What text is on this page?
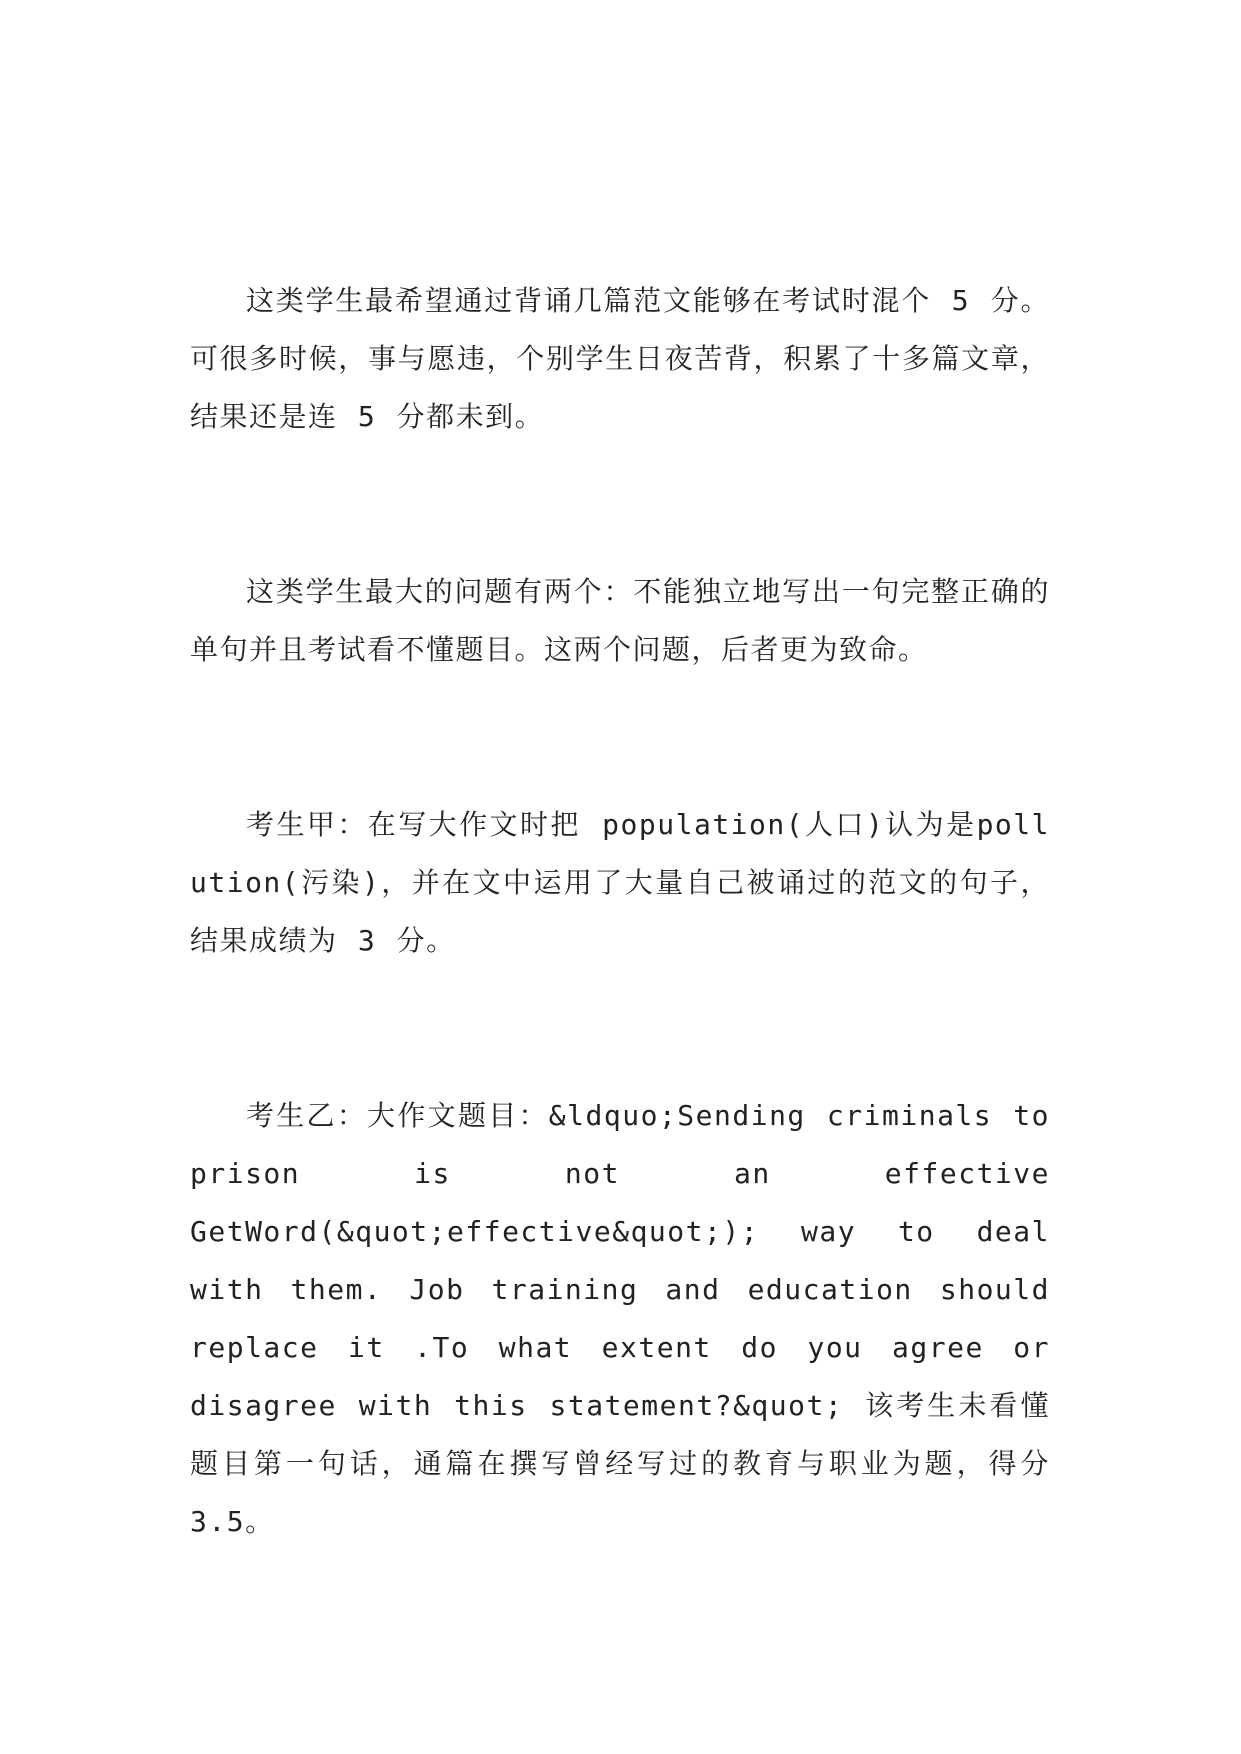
这类学生最希望通过背诵几篇范文能够在考试时混个 5 分。可很多时候，事与愿违，个别学生日夜苦背，积累了十多篇文章，结果还是连 5 分都未到。

这类学生最大的问题有两个：不能独立地写出一句完整正确的单句并且考试看不懂题目。这两个问题，后者更为致命。

考生甲：在写大作文时把 population(人口)认为是pollution(污染)，并在文中运用了大量自己被诵过的范文的句子，结果成绩为 3 分。

考生乙：大作文题目：&ldquo;Sending criminals to prison is not an effective GetWord(&quot;effective&quot;); way to deal with them. Job training and education should replace it .To what extent do you agree or disagree with this statement?&quot; 该考生未看懂题目第一句话，通篇在撰写曾经写过的教育与职业为题，得分 3.5。
